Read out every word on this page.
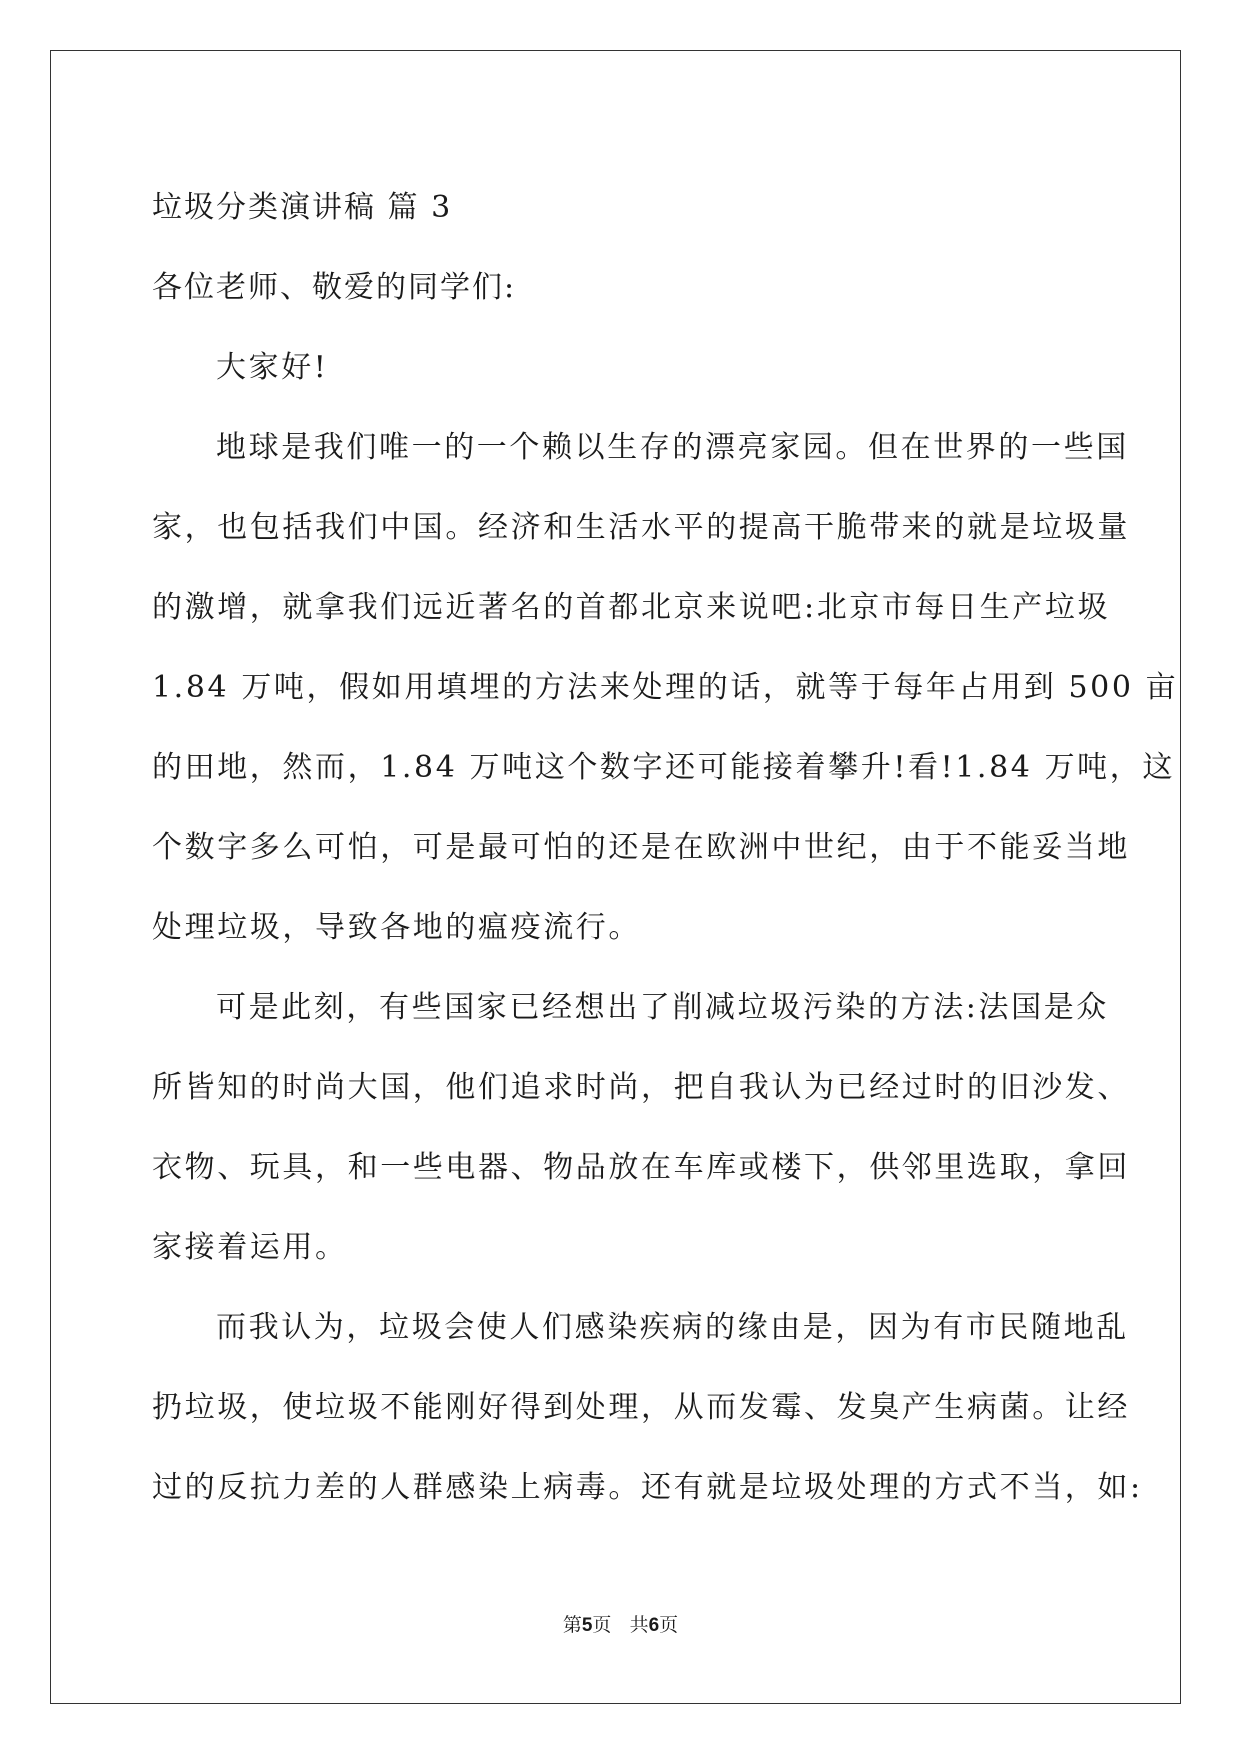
垃圾分类演讲稿 篇 3
各位老师、敬爱的同学们:
大家好!
地球是我们唯一的一个赖以生存的漂亮家园。但在世界的一些国
家，也包括我们中国。经济和生活水平的提高干脆带来的就是垃圾量
的激增，就拿我们远近著名的首都北京来说吧:北京市每日生产垃圾
1.84 万吨，假如用填埋的方法来处理的话，就等于每年占用到 500 亩
的田地，然而，1.84 万吨这个数字还可能接着攀升!看!1.84 万吨，这
个数字多么可怕，可是最可怕的还是在欧洲中世纪，由于不能妥当地
处理垃圾，导致各地的瘟疫流行。
可是此刻，有些国家已经想出了削减垃圾污染的方法:法国是众
所皆知的时尚大国，他们追求时尚，把自我认为已经过时的旧沙发、
衣物、玩具，和一些电器、物品放在车库或楼下，供邻里选取，拿回
家接着运用。
而我认为，垃圾会使人们感染疾病的缘由是，因为有市民随地乱
扔垃圾，使垃圾不能刚好得到处理，从而发霉、发臭产生病菌。让经
过的反抗力差的人群感染上病毒。还有就是垃圾处理的方式不当，如:
第5页 共6页
